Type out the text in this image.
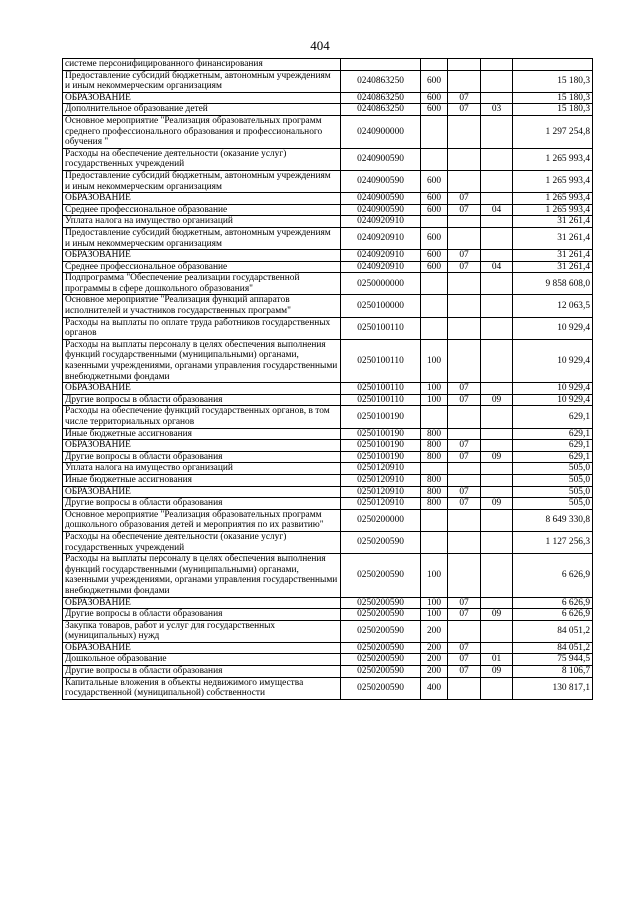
404
системе персонифицированного финансирования					
Предоставление субсидий бюджетным, автономным учреждениям и иным некоммерческим организациям	0240863250	600			15 180,3
ОБРАЗОВАНИЕ	0240863250	600	07		15 180,3
Дополнительное образование детей	0240863250	600	07	03	15 180,3
Основное мероприятие "Реализация образовательных программ среднего профессионального образования и профессионального обучения "	0240900000				1 297 254,8
Расходы на обеспечение деятельности (оказание услуг) государственных учреждений	0240900590				1 265 993,4
Предоставление субсидий бюджетным, автономным учреждениям и иным некоммерческим организациям	0240900590	600			1 265 993,4
ОБРАЗОВАНИЕ	0240900590	600	07		1 265 993,4
Среднее профессиональное образование	0240900590	600	07	04	1 265 993,4
Уплата налога на имущество организаций	0240920910				31 261,4
Предоставление субсидий бюджетным, автономным учреждениям и иным некоммерческим организациям	0240920910	600			31 261,4
ОБРАЗОВАНИЕ	0240920910	600	07		31 261,4
Среднее профессиональное образование	0240920910	600	07	04	31 261,4
Подпрограмма "Обеспечение реализации государственной программы в сфере дошкольного образования"	0250000000				9 858 608,0
Основное мероприятие "Реализация функций аппаратов исполнителей и участников государственных программ"	0250100000				12 063,5
Расходы на выплаты по оплате труда работников государственных органов	0250100110				10 929,4
Расходы на выплаты персоналу в целях обеспечения выполнения функций государственными (муниципальными) органами, казенными учреждениями, органами управления государственными внебюджетными фондами	0250100110	100			10 929,4
ОБРАЗОВАНИЕ	0250100110	100	07		10 929,4
Другие вопросы в области образования	0250100110	100	07	09	10 929,4
Расходы на обеспечение функций государственных органов, в том числе территориальных органов	0250100190				629,1
Иные бюджетные ассигнования	0250100190	800			629,1
ОБРАЗОВАНИЕ	0250100190	800	07		629,1
Другие вопросы в области образования	0250100190	800	07	09	629,1
Уплата налога на имущество организаций	0250120910				505,0
Иные бюджетные ассигнования	0250120910	800			505,0
ОБРАЗОВАНИЕ	0250120910	800	07		505,0
Другие вопросы в области образования	0250120910	800	07	09	505,0
Основное мероприятие "Реализация образовательных программ дошкольного образования детей и мероприятия по их развитию"	0250200000				8 649 330,8
Расходы на обеспечение деятельности (оказание услуг) государственных учреждений	0250200590				1 127 256,3
Расходы на выплаты персоналу в целях обеспечения выполнения функций государственными (муниципальными) органами, казенными учреждениями, органами управления государственными внебюджетными фондами	0250200590	100			6 626,9
ОБРАЗОВАНИЕ	0250200590	100	07		6 626,9
Другие вопросы в области образования	0250200590	100	07	09	6 626,9
Закупка товаров, работ и услуг для государственных (муниципальных) нужд	0250200590	200			84 051,2
ОБРАЗОВАНИЕ	0250200590	200	07		84 051,2
Дошкольное образование	0250200590	200	07	01	75 944,5
Другие вопросы в области образования	0250200590	200	07	09	8 106,7
Капитальные вложения в объекты недвижимого имущества государственной (муниципальной) собственности	0250200590	400			130 817,1
